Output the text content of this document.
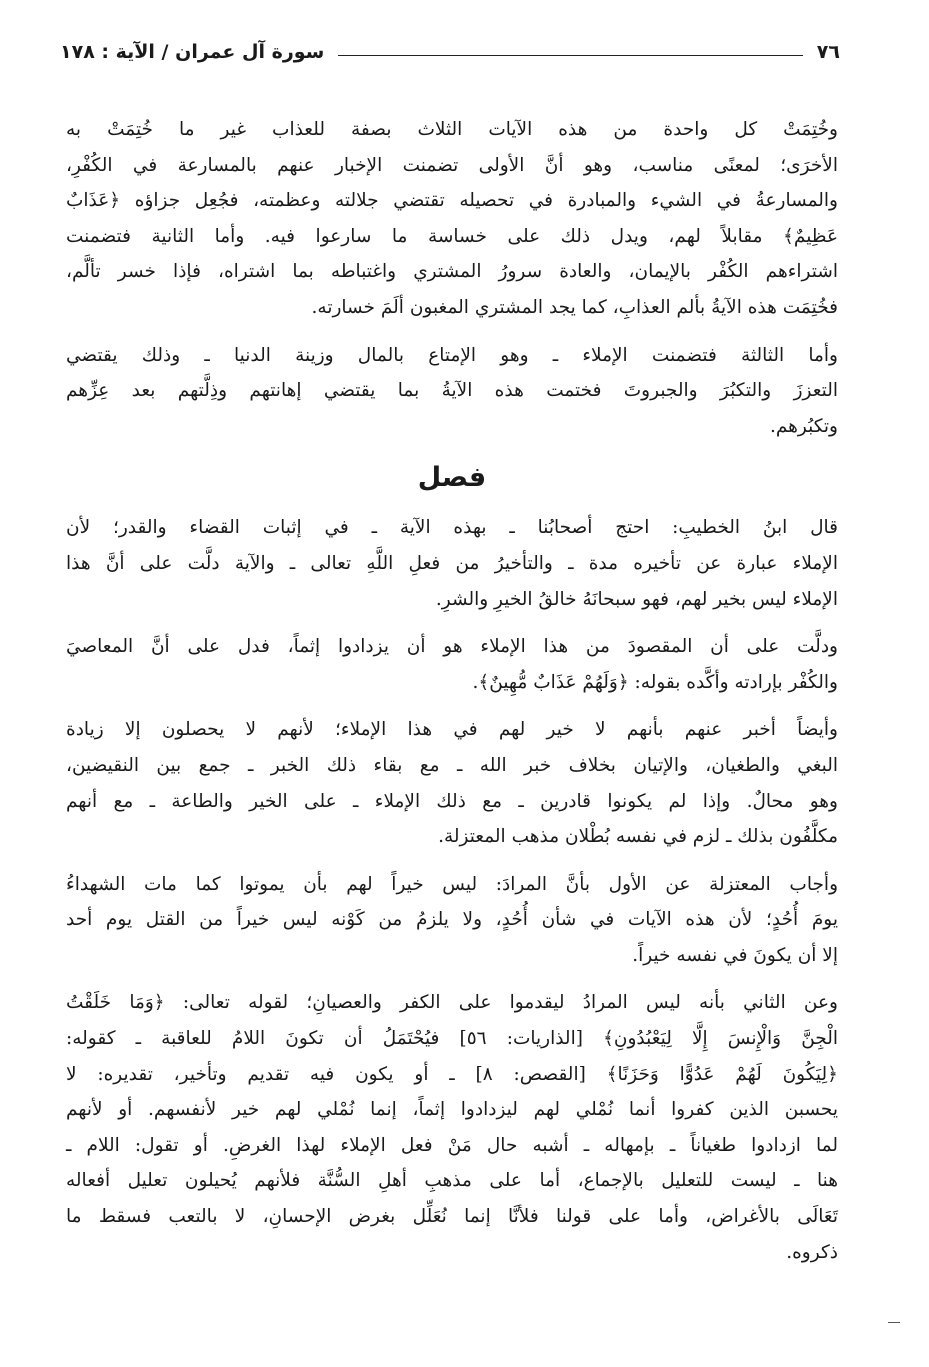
٧٦
سورة آل عمران / الآية : ١٧٨
وخُتِمَتْ كل واحدة من هذه الآيات الثلاث بصفة للعذاب غير ما خُتِمَتْ به
الأخرَى؛ لمعنًى مناسب، وهو أنَّ الأولى تضمنت الإخبار عنهم بالمسارعة في الكُفْرِ،
والمسارعةُ في الشيء والمبادرة في تحصيله تقتضي جلالته وعظمته، فجُعِل جزاؤه ﴿عَذَابٌ
عَظِيمٌ﴾ مقابلاً لهم، ويدل ذلك على خساسة ما سارعوا فيه. وأما الثانية فتضمنت
اشتراءهم الكُفْر بالإيمان، والعادة سرورُ المشتري واغتباطه بما اشتراه، فإذا خسر تألَّم،
فخُتِمَت هذه الآيةُ بألم العذابِ، كما يجد المشتري المغبون ألَمَ خسارته.
وأما الثالثة فتضمنت الإملاء ـ وهو الإمتاع بالمال وزينة الدنيا ـ وذلك يقتضي
التعززَ والتكبُرَ والجبروتَ فختمت هذه الآيةُ بما يقتضي إهانتهم وذِلَّتهم بعد عِزِّهم
وتكبُرهم.
فصل
قال ابنُ الخطيبِ: احتج أصحابُنا ـ بهذه الآية ـ في إثبات القضاء والقدر؛ لأن
الإملاء عبارة عن تأخيره مدة ـ والتأخيرُ من فعلِ اللَّهِ تعالى ـ والآية دلَّت على أنَّ هذا
الإملاء ليس بخير لهم، فهو سبحانَهُ خالقُ الخيرِ والشرِ.
ودلَّت على أن المقصودَ من هذا الإملاء هو أن يزدادوا إثماً، فدل على أنَّ المعاصيَ
والكُفْر بإرادته وأكَّده بقوله: ﴿وَلَهُمْ عَذَابٌ مُّهِينٌ﴾.
وأيضاً أخبر عنهم بأنهم لا خير لهم في هذا الإملاء؛ لأنهم لا يحصلون إلا زيادة
البغي والطغيان، والإتيان بخلاف خبر الله ـ مع بقاء ذلك الخبر ـ جمع بين النقيضين،
وهو محالٌ. وإذا لم يكونوا قادرين ـ مع ذلك الإملاء ـ على الخير والطاعة ـ مع أنهم
مكلَّفُون بذلك ـ لزم في نفسه بُطْلان مذهب المعتزلة.
وأجاب المعتزلة عن الأول بأنَّ المرادَ: ليس خيراً لهم بأن يموتوا كما مات الشهداءُ
يومَ أُحُدٍ؛ لأن هذه الآيات في شأن أُحُدٍ، ولا يلزمُ من كَوْنه ليس خيراً من القتل يوم أحد
إلا أن يكونَ في نفسه خيراً.
وعن الثاني بأنه ليس المرادُ ليقدموا على الكفر والعصيانِ؛ لقوله تعالى: ﴿وَمَا خَلَقْتُ
الْجِنَّ وَالْإِنسَ إِلَّا لِيَعْبُدُونِ﴾ [الذاريات: ٥٦] فيُحْتَمَلُ أن تكونَ اللامُ للعاقبة ـ كقوله:
﴿لِيَكُونَ لَهُمْ عَدُوًّا وَحَزَنًا﴾ [القصص: ٨] ـ أو يكون فيه تقديم وتأخير، تقديره: لا
يحسبن الذين كفروا أنما نُمْلي لهم ليزدادوا إثماً، إنما نُمْلي لهم خير لأنفسهم. أو لأنهم
لما ازدادوا طغياناً ـ بإمهاله ـ أشبه حال مَنْ فعل الإملاء لهذا الغرضِ. أو تقول: اللام ـ
هنا ـ ليست للتعليل بالإجماع، أما على مذهبِ أهلِ السُّنَّة فلأنهم يُحيلون تعليل أفعاله
تَعَالَى بالأغراض، وأما على قولنا فلأنَّا إنما نُعَلِّل بغرض الإحسانِ، لا بالتعب فسقط ما
ذكروه.
